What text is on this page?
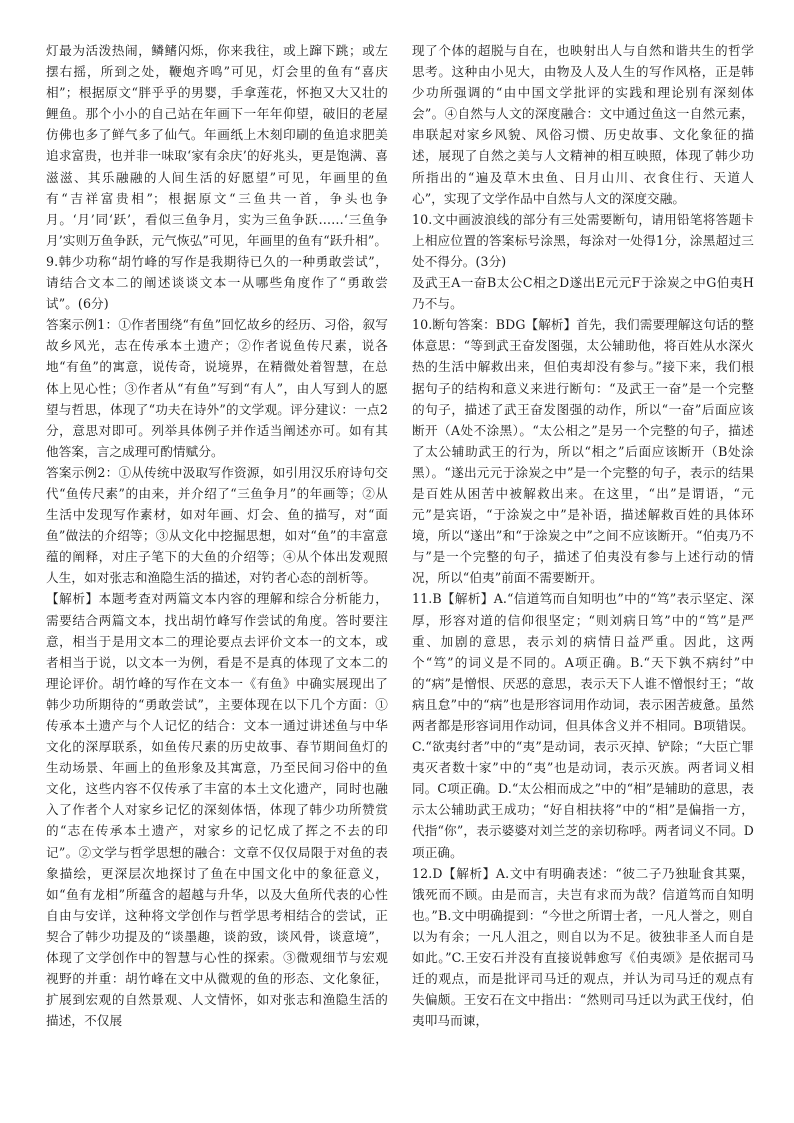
灯最为活泼热闹，鳞鳍闪烁，你来我往，或上蹿下跳；或左摆右摇，所到之处，鞭炮齐鸣”可见，灯会里的鱼有“喜庆相”；根据原文“胖乎乎的男婴，手拿莲花，怀抱又大又壮的鲤鱼。那个小小的自己站在年画下一年年仰望，破旧的老屋仿佛也多了鲜气多了仙气。年画纸上木刻印刷的鱼追求肥美追求富贵，也并非一味取‘家有余庆’的好兆头，更是饱满、喜滋滋、其乐融融的人间生活的好愿望”可见，年画里的鱼有“吉祥富贵相”；根据原文“三鱼共一首，争头也争月。‘月’同‘跃’，看似三鱼争月，实为三鱼争跃……‘三鱼争月’实则万鱼争跃，元气恢弘”可见，年画里的鱼有“跃升相”。

9.韩少功称“胡竹峰的写作是我期待已久的一种勇敢尝试”，请结合文本二的阐述谈谈文本一从哪些角度作了“勇敢尝试”。(6分)

答案示例1：①作者围绕“有鱼”回忆故乡的经历、习俗，叙写故乡风光，志在传承本土遗产；②作者说鱼传尺素，说各地“有鱼”的寓意，说传奇，说境界，在精微处着智慧，在总体上见心性；③作者从“有鱼”写到“有人”，由人写到人的愿望与哲思，体现了“功夫在诗外”的文学观。评分建议：一点2分，意思对即可。列举具体例子并作适当阐述亦可。如有其他答案，言之成理可酌情赋分。

答案示例2：①从传统中汲取写作资源，如引用汉乐府诗句交代“鱼传尺素”的由来，并介绍了“三鱼争月”的年画等；②从生活中发现写作素材，如对年画、灯会、鱼的描写，对“面鱼”做法的介绍等；③从文化中挖掘思想，如对“鱼”的丰富意蕴的阐释，对庄子笔下的大鱼的介绍等；④从个体出发观照人生，如对张志和渔隐生活的描述，对钓者心态的剖析等。

【解析】本题考查对两篇文本内容的理解和综合分析能力，需要结合两篇文本，找出胡竹峰写作尝试的角度。答时要注意，相当于是用文本二的理论要点去评价文本一的文本，或者相当于说，以文本一为例，看是不是真的体现了文本二的理论评价。胡竹峰的写作在文本一《有鱼》中确实展现出了韩少功所期待的“勇敢尝试”，主要体现在以下几个方面：①传承本土遗产与个人记忆的结合：文本一通过讲述鱼与中华文化的深厚联系，如鱼传尺素的历史故事、春节期间鱼灯的生动场景、年画上的鱼形象及其寓意，乃至民间习俗中的鱼文化，这些内容不仅传承了丰富的本土文化遗产，同时也融入了作者个人对家乡记忆的深刻体悟，体现了韩少功所赞赏的“志在传承本土遗产，对家乡的记忆成了挥之不去的印记”。②文学与哲学思想的融合：文章不仅仅局限于对鱼的表象描绘，更深层次地探讨了鱼在中国文化中的象征意义，如“鱼有龙相”所蕴含的超越与升华，以及大鱼所代表的心性自由与安详，这种将文学创作与哲学思考相结合的尝试，正契合了韩少功提及的“谈墨趣，谈韵致，谈风骨，谈意境”，体现了文学创作中的智慧与心性的探索。③微观细节与宏观视野的并重：胡竹峰在文中从微观的鱼的形态、文化象征，扩展到宏观的自然景观、人文情怀，如对张志和渔隐生活的描述，不仅展

现了个体的超脱与自在，也映射出人与自然和谐共生的哲学思考。这种由小见大，由物及人及人生的写作风格，正是韩少功所强调的“由中国文学批评的实践和理论别有深刻体会”。④自然与人文的深度融合：文中通过鱼这一自然元素，串联起对家乡风貌、风俗习惯、历史故事、文化象征的描述，展现了自然之美与人文精神的相互映照，体现了韩少功所指出的“遍及草木虫鱼、日月山川、衣食住行、天道人心”，实现了文学作品中自然与人文的深度交融。

10.文中画波浪线的部分有三处需要断句，请用铅笔将答题卡上相应位置的答案标号涂黑，每涂对一处得1分，涂黑超过三处不得分。(3分)

及武王A一奋B太公C相之D遂出E元元F于涂炭之中G伯夷H乃不与。

10.断句答案：BDG【解析】首先，我们需要理解这句话的整体意思：“等到武王奋发图强，太公辅助他，将百姓从水深火热的生活中解救出来，但伯夷却没有参与。”接下来，我们根据句子的结构和意义来进行断句：“及武王一奋”是一个完整的句子，描述了武王奋发图强的动作，所以“一奋”后面应该断开（A处不涂黑）。“太公相之”是另一个完整的句子，描述了太公辅助武王的行为，所以“相之”后面应该断开（B处涂黑）。“遂出元元于涂炭之中”是一个完整的句子，表示的结果是百姓从困苦中被解救出来。在这里，“出”是谓语，“元元”是宾语，“于涂炭之中”是补语，描述解救百姓的具体环境，所以“遂出”和“于涂炭之中”之间不应该断开。“伯夷乃不与”是一个完整的句子，描述了伯夷没有参与上述行动的情况，所以“伯夷”前面不需要断开。

11.B【解析】A.“信道笃而自知明也”中的“笃”表示坚定、深厚，形容对道的信仰很坚定；“则刘病日笃”中的“笃”是严重、加剧的意思，表示刘的病情日益严重。因此，这两个“笃”的词义是不同的。A项正确。B.“天下孰不病纣”中的“病”是憎恨、厌恶的意思，表示天下人谁不憎恨纣王；“故病且怠”中的“病”也是形容词用作动词，表示困苦疲惫。虽然两者都是形容词用作动词，但具体含义并不相同。B项错误。C.“欲夷纣者”中的“夷”是动词，表示灭掉、铲除；“大臣亡罪夷灭者数十家”中的“夷”也是动词，表示灭族。两者词义相同。C项正确。D.“太公相而成之”中的“相”是辅助的意思，表示太公辅助武王成功；“好自相扶将”中的“相”是偏指一方，代指“你”，表示婆婆对刘兰芝的亲切称呼。两者词义不同。D项正确。

12.D【解析】A.文中有明确表述：“彼二子乃独耻食其粟，饿死而不顾。由是而言，夫岂有求而为哉？信道笃而自知明也。”B.文中明确提到：“今世之所谓士者，一凡人誉之，则自以为有余；一凡人沮之，则自以为不足。彼独非圣人而自是如此。”C.王安石并没有直接说韩愈写《伯夷颂》是依据司马迁的观点，而是批评司马迁的观点，并认为司马迁的观点有失偏颇。王安石在文中指出：“然则司马迁以为武王伐纣，伯夷叩马而谏，
